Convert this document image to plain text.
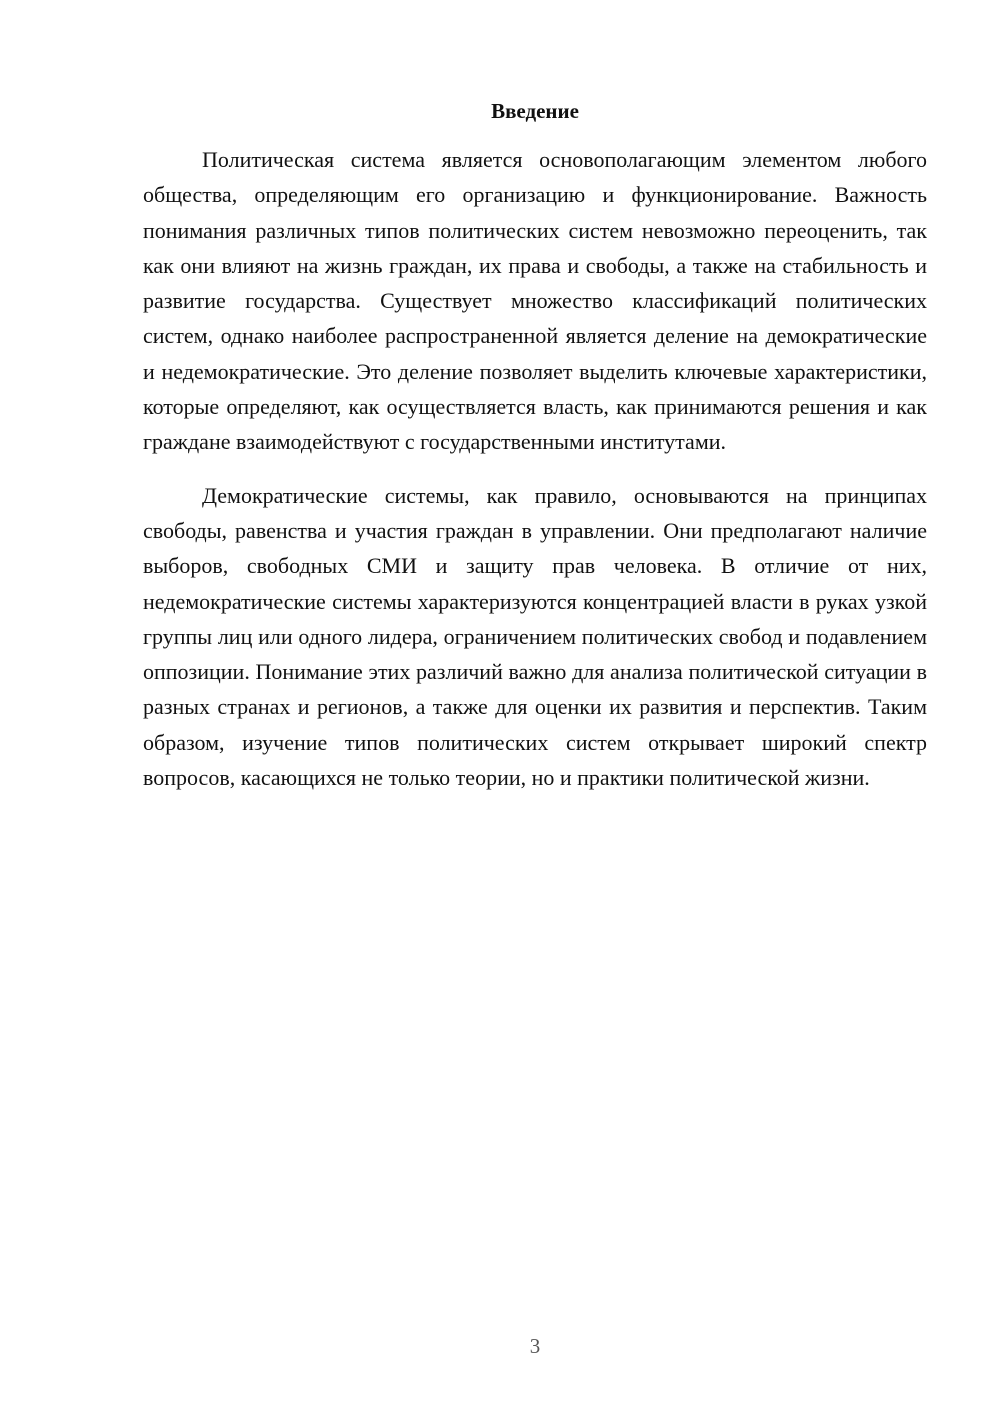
Введение

Политическая система является основополагающим элементом любого общества, определяющим его организацию и функционирование. Важность понимания различных типов политических систем невозможно переоценить, так как они влияют на жизнь граждан, их права и свободы, а также на стабильность и развитие государства. Существует множество классификаций политических систем, однако наиболее распространенной является деление на демократические и недемократические. Это деление позволяет выделить ключевые характеристики, которые определяют, как осуществляется власть, как принимаются решения и как граждане взаимодействуют с государственными институтами.

Демократические системы, как правило, основываются на принципах свободы, равенства и участия граждан в управлении. Они предполагают наличие выборов, свободных СМИ и защиту прав человека. В отличие от них, недемократические системы характеризуются концентрацией власти в руках узкой группы лиц или одного лидера, ограничением политических свобод и подавлением оппозиции. Понимание этих различий важно для анализа политической ситуации в разных странах и регионов, а также для оценки их развития и перспектив. Таким образом, изучение типов политических систем открывает широкий спектр вопросов, касающихся не только теории, но и практики политической жизни.

3
